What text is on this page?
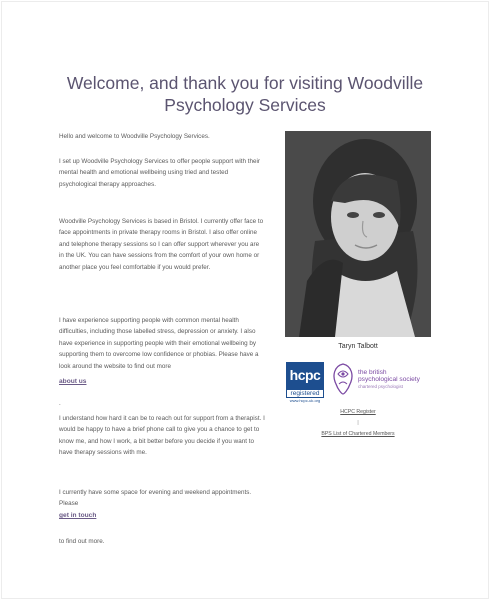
Welcome, and thank you for visiting Woodville Psychology Services
Hello and welcome to Woodville Psychology Services.
I set up Woodville Psychology Services to offer people support with their mental health and emotional wellbeing using tried and tested psychological therapy approaches.
Woodville Psychology Services is based in Bristol. I currently offer face to face appointments in private therapy rooms in Bristol. I also offer online and telephone therapy sessions so I can offer support wherever you are in the UK. You can have sessions from the comfort of your own home or another place you feel comfortable if you would prefer.
I have experience supporting people with common mental health difficulties, including those labelled stress, depression or anxiety. I also have experience in supporting people with their emotional wellbeing by supporting them to overcome low confidence or phobias. Please have a look around the website to find out more
about us
.
I understand how hard it can be to reach out for support from a therapist. I would be happy to have a brief phone call to give you a chance to get to know me, and how I work, a bit better before you decide if you want to have therapy sessions with me.
I currently have some space for evening and weekend appointments. Please
get in touch
to find out more.
Taryn Talbott
hcpc
registered
www.hcpc-uk.org
the british
psychological society
chartered psychologist
HCPC Register
|
BPS List of Chartered Members
